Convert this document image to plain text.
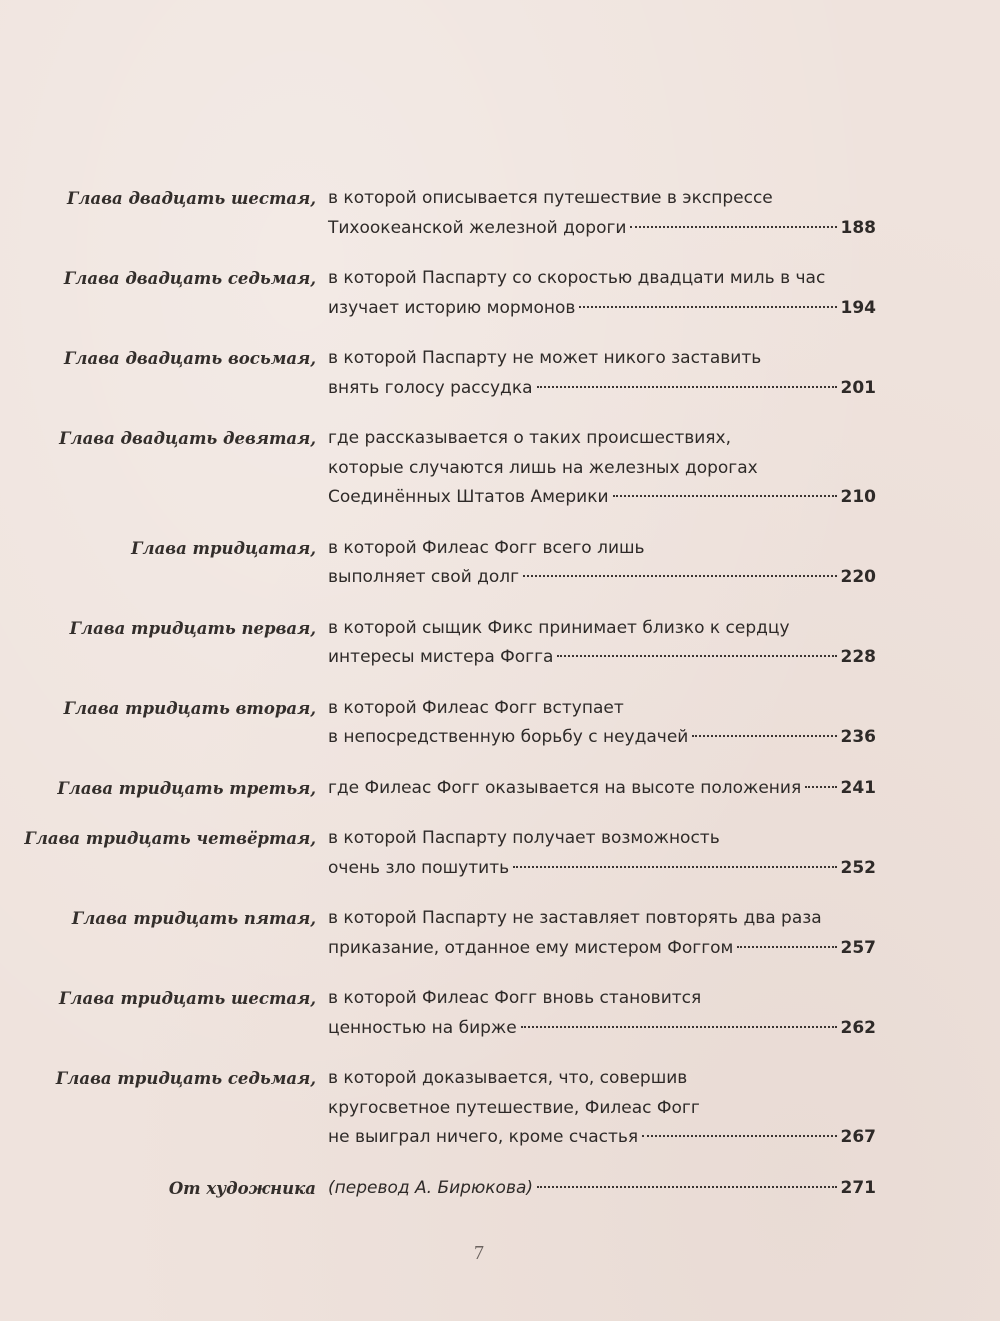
Глава двадцать шестая, в которой описывается путешествие в экспрессе
Тихоокеанской железной дороги	188
Глава двадцать седьмая, в которой Паспарту со скоростью двадцати миль в час
изучает историю мормонов	194
Глава двадцать восьмая, в которой Паспарту не может никого заставить
внять голосу рассудка	201
Глава двадцать девятая, где рассказывается о таких происшествиях,
которые случаются лишь на железных дорогах
Соединённых Штатов Америки	210
Глава тридцатая, в которой Филеас Фогг всего лишь
выполняет свой долг	220
Глава тридцать первая, в которой сыщик Фикс принимает близко к сердцу
интересы мистера Фогга	228
Глава тридцать вторая, в которой Филеас Фогг вступает
в непосредственную борьбу с неудачей	236
Глава тридцать третья, где Филеас Фогг оказывается на высоте положения 241
Глава тридцать четвёртая, в которой Паспарту получает возможность
очень зло пошутить	252
Глава тридцать пятая, в которой Паспарту не заставляет повторять два раза
приказание, отданное ему мистером Фоггом	257
Глава тридцать шестая, в которой Филеас Фогг вновь становится
ценностью на бирже	262
Глава тридцать седьмая, в которой доказывается, что, совершив
кругосветное путешествие, Филеас Фогг
не выиграл ничего, кроме счастья	267
От художника (перевод А. Бирюкова)	271
7
